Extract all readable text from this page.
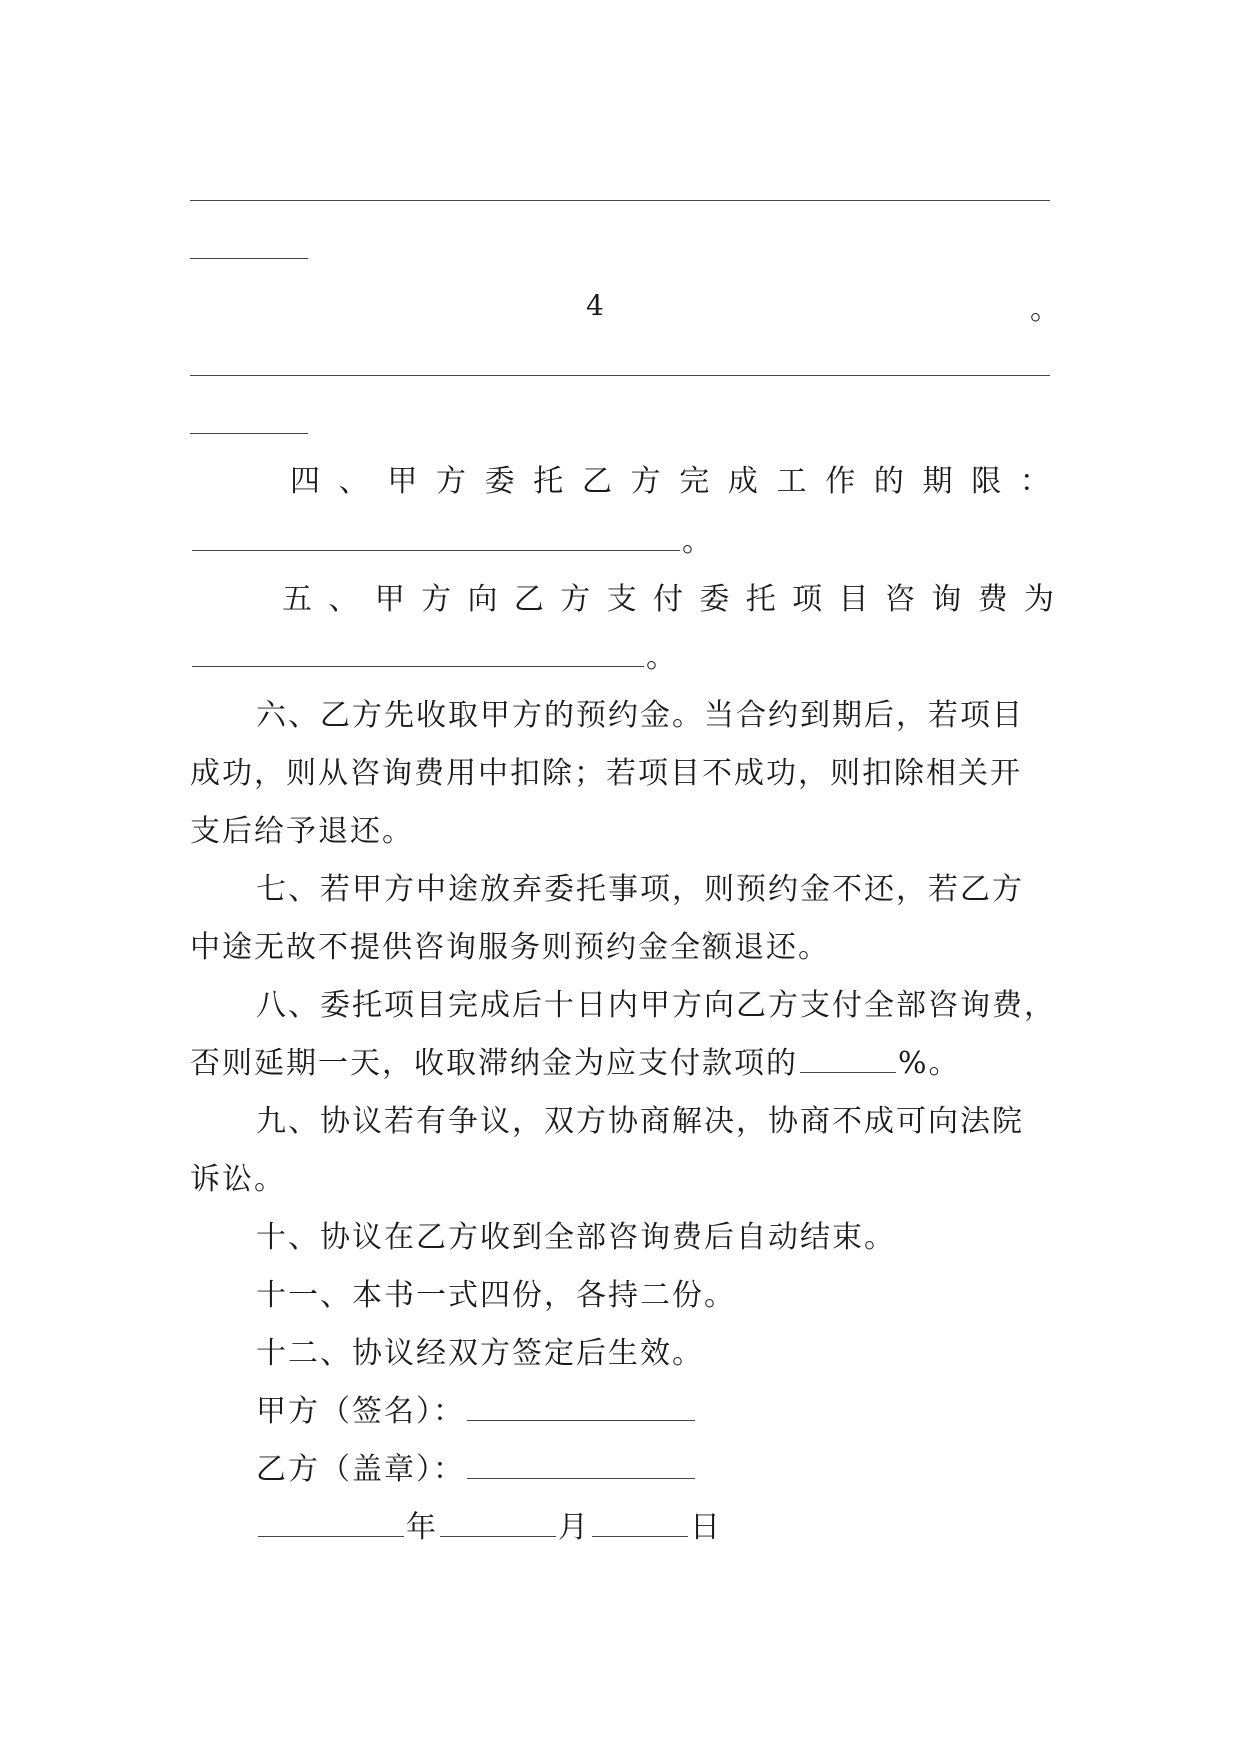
4	。
四 、 甲 方 委 托 乙 方 完 成 工 作 的 期 限 ：
。
五 、 甲 方 向 乙 方 支 付 委 托 项 目 咨 询 费 为
。
六、乙方先收取甲方的预约金。当合约到期后，若项目
成功，则从咨询费用中扣除；若项目不成功，则扣除相关开
支后给予退还。
七、若甲方中途放弃委托事项，则预约金不还，若乙方
中途无故不提供咨询服务则预约金全额退还。
八、委托项目完成后十日内甲方向乙方支付全部咨询费，
否则延期一天，收取滞纳金为应支付款项的	%。
九、协议若有争议，双方协商解决，协商不成可向法院
诉讼。
十、协议在乙方收到全部咨询费后自动结束。
十一、本书一式四份，各持二份。
十二、协议经双方签定后生效。
甲方（签名）：
乙方（盖章）：
年	月	日
